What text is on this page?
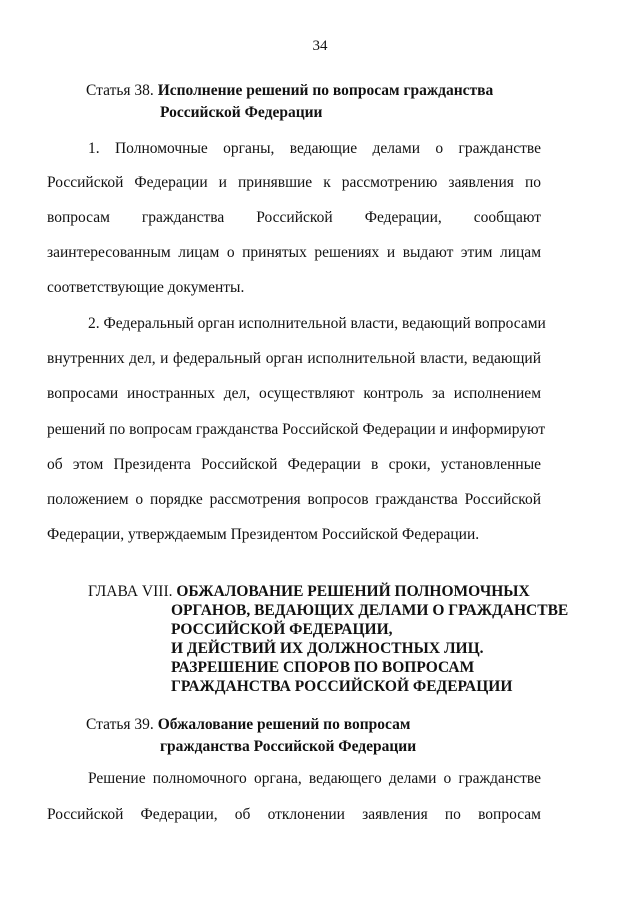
34
Статья 38. Исполнение решений по вопросам гражданства
Российской Федерации
1. Полномочные органы, ведающие делами о гражданстве
Российской Федерации и принявшие к рассмотрению заявления по
вопросам гражданства Российской Федерации, сообщают
заинтересованным лицам о принятых решениях и выдают этим лицам
соответствующие документы.
2. Федеральный орган исполнительной власти, ведающий вопросами
внутренних дел, и федеральный орган исполнительной власти, ведающий
вопросами иностранных дел, осуществляют контроль за исполнением
решений по вопросам гражданства Российской Федерации и информируют
об этом Президента Российской Федерации в сроки, установленные
положением о порядке рассмотрения вопросов гражданства Российской
Федерации, утверждаемым Президентом Российской Федерации.
ГЛАВА VIII. ОБЖАЛОВАНИЕ РЕШЕНИЙ ПОЛНОМОЧНЫХ
ОРГАНОВ, ВЕДАЮЩИХ ДЕЛАМИ О ГРАЖДАНСТВЕ
РОССИЙСКОЙ ФЕДЕРАЦИИ,
И ДЕЙСТВИЙ ИХ ДОЛЖНОСТНЫХ ЛИЦ.
РАЗРЕШЕНИЕ СПОРОВ ПО ВОПРОСАМ
ГРАЖДАНСТВА РОССИЙСКОЙ ФЕДЕРАЦИИ
Статья 39. Обжалование решений по вопросам
гражданства Российской Федерации
Решение полномочного органа, ведающего делами о гражданстве
Российской Федерации, об отклонении заявления по вопросам
